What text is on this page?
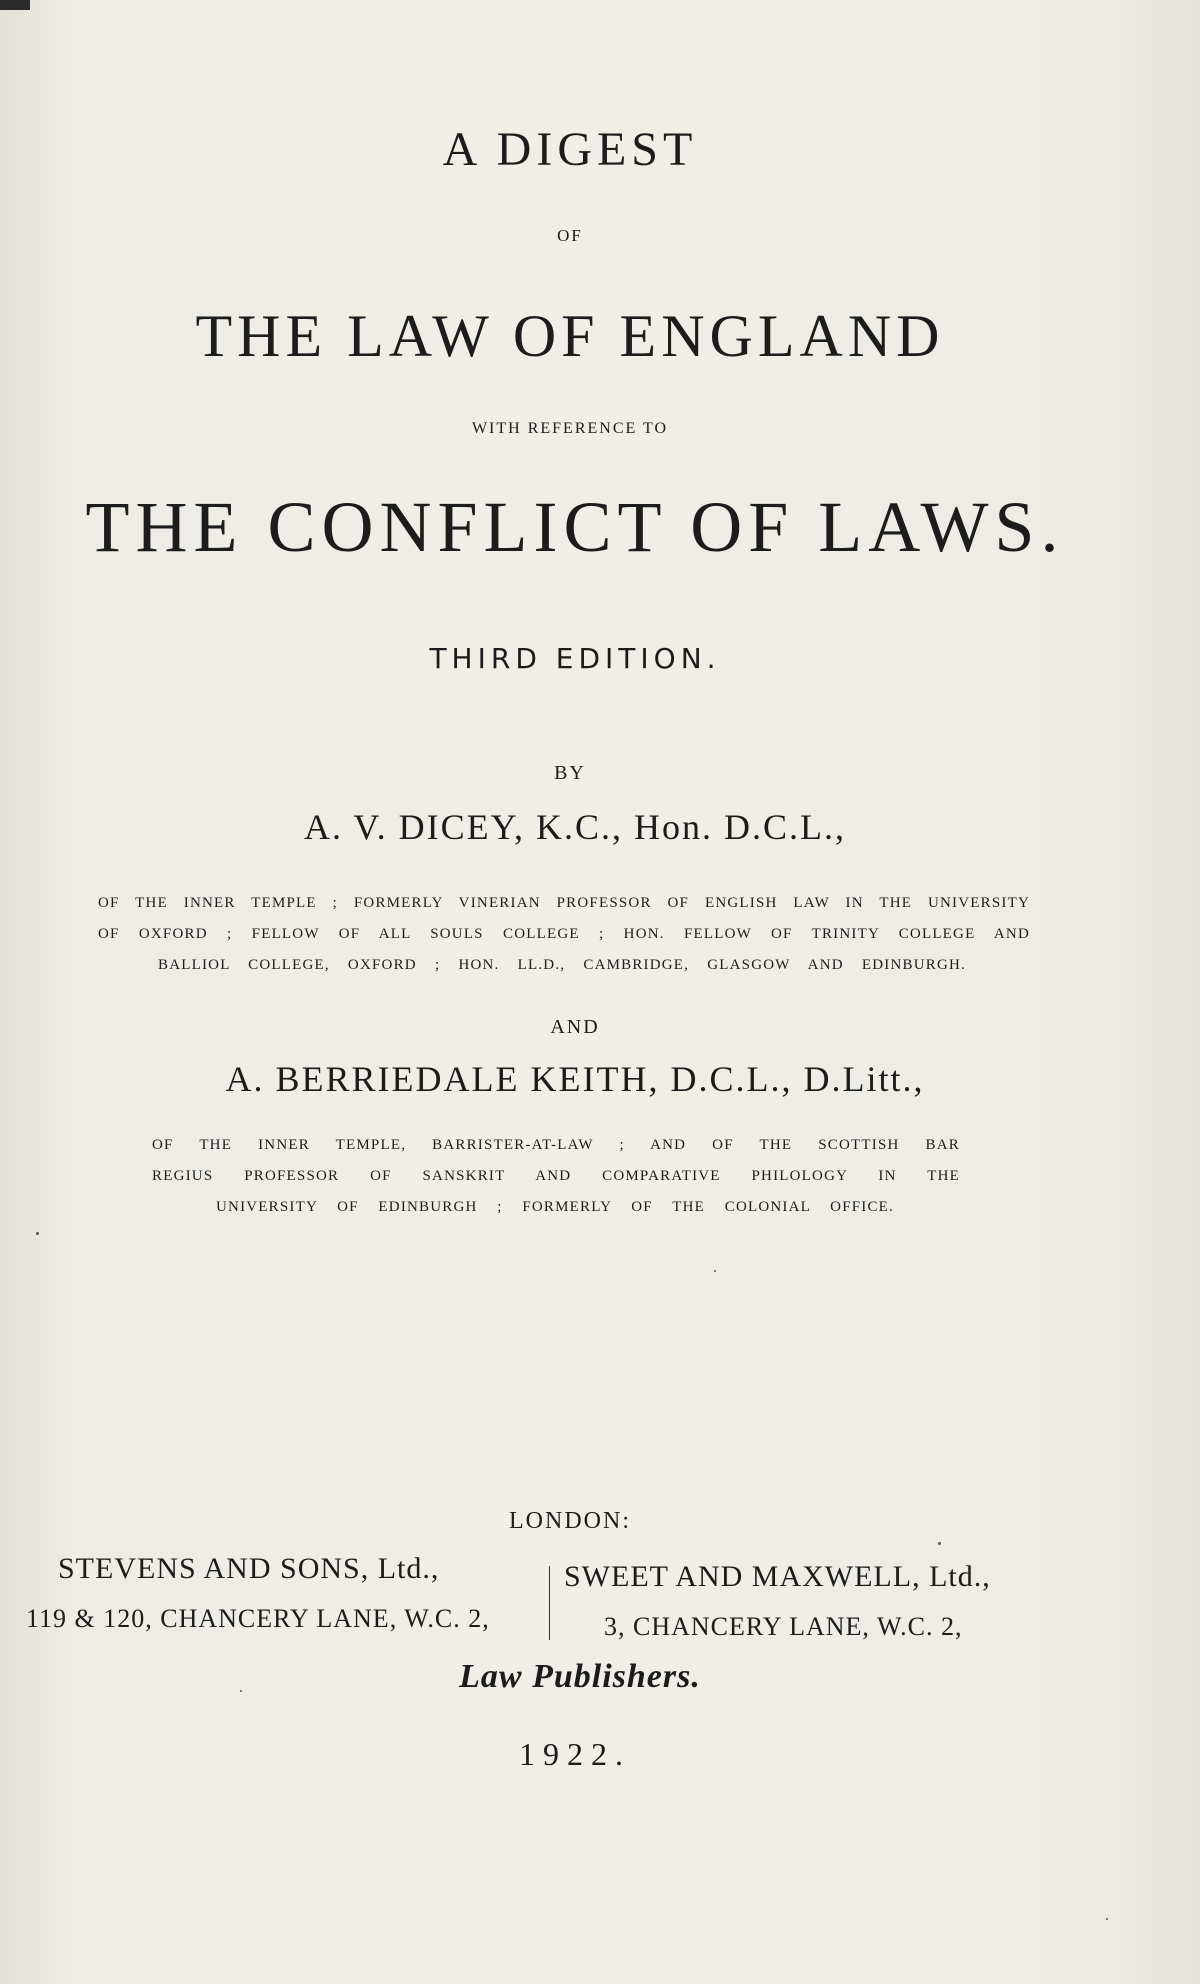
A DIGEST
OF
THE LAW OF ENGLAND
WITH REFERENCE TO
THE CONFLICT OF LAWS.
THIRD EDITION.
BY
A. V. DICEY, K.C., Hon. D.C.L.,
OF THE INNER TEMPLE ; FORMERLY VINERIAN PROFESSOR OF ENGLISH LAW IN THE UNIVERSITY
OF OXFORD ; FELLOW OF ALL SOULS COLLEGE ; HON. FELLOW OF TRINITY COLLEGE AND
BALLIOL COLLEGE, OXFORD ; HON. LL.D., CAMBRIDGE, GLASGOW AND EDINBURGH.
AND
A. BERRIEDALE KEITH, D.C.L., D.Litt.,
OF THE INNER TEMPLE, BARRISTER-AT-LAW ; AND OF THE SCOTTISH BAR
REGIUS PROFESSOR OF SANSKRIT AND COMPARATIVE PHILOLOGY IN THE
UNIVERSITY OF EDINBURGH ; FORMERLY OF THE COLONIAL OFFICE.
LONDON:
STEVENS AND SONS, Ltd.,
119 & 120, CHANCERY LANE, W.C. 2,
SWEET AND MAXWELL, Ltd.,
3, CHANCERY LANE, W.C. 2,
Law Publishers.
1922.
